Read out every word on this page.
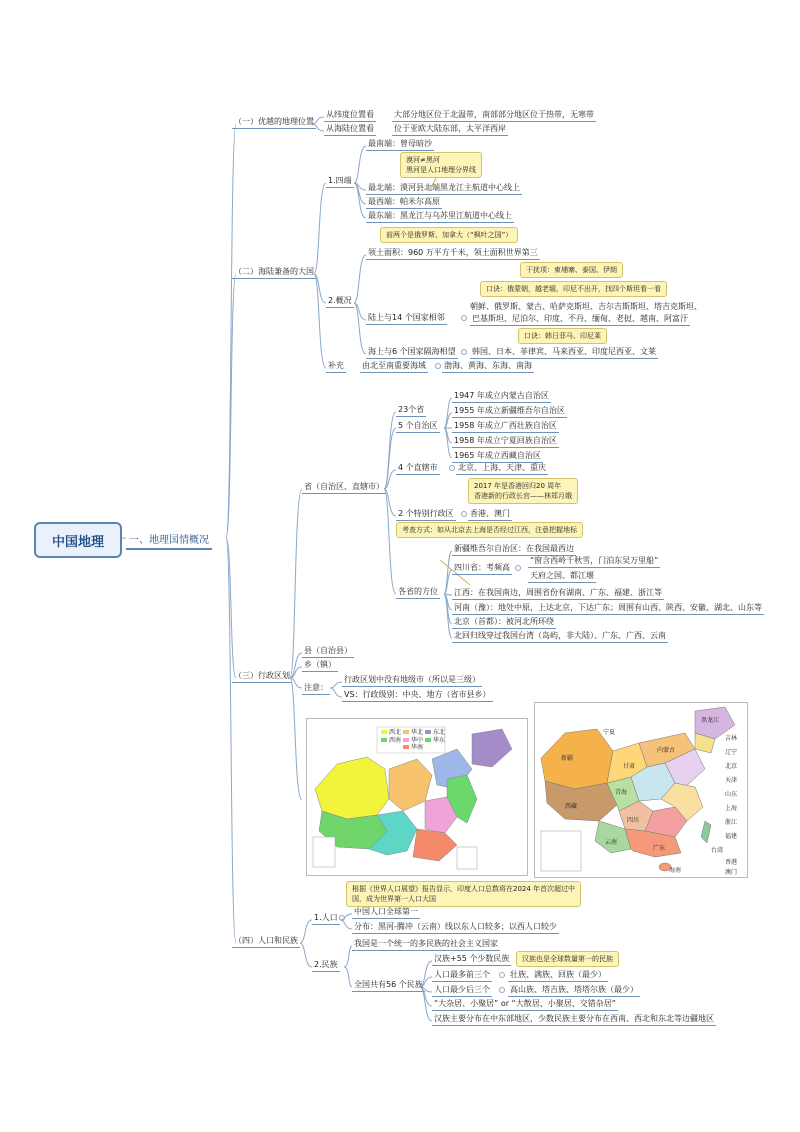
中国地理	一、地理国情概况
（一）优越的地理位置
从纬度位置看	大部分地区位于北温带，南部部分地区位于热带，无寒带
从海陆位置看	位于亚欧大陆东部，太平洋西岸
（二）海陆兼备的大国
1.四端
最南端：曾母暗沙
漠河≠黑河
黑河是人口地理分界线
最北端：漠河县北端黑龙江主航道中心线上
最西端：帕米尔高原
最东端：黑龙江与乌苏里江航道中心线上
前两个是俄罗斯、加拿大（“枫叶之国”）
领土面积：960 万平方千米，领土面积世界第三
2.概况
干扰项：柬埔寨、泰国、伊朗
口诀：俄蒙朝，越老缅，印尼不出开，找四个斯坦看一看
陆上与14 个国家相邻
朝鲜、俄罗斯、蒙古、哈萨克斯坦、吉尔吉斯斯坦、塔吉克斯坦、
巴基斯坦、尼泊尔、印度、不丹、缅甸、老挝、越南、阿富汗
口诀：韩日菲马、印尼莱
海上与6 个国家隔海相望 韩国、日本、菲律宾、马来西亚、印度尼西亚、文莱
补充 由北至南重要海域 渤海、黄海、东海、南海
（三）行政区划
省（自治区、直辖市）
23个省
5 个自治区
1947 年成立内蒙古自治区
1955 年成立新疆维吾尔自治区
1958 年成立广西壮族自治区
1958 年成立宁夏回族自治区
1965 年成立西藏自治区
4 个直辖市	北京、上海、天津、重庆
2017 年是香港回归20 周年
香港新的行政长官——林郑月娥
2 个特别行政区 香港、澳门
考查方式：如从北京去上海是否经过江西，注意把握地标
各省的方位
新疆维吾尔自治区：在我国最西边
四川省：考频高
“窗含西岭千秋雪，门泊东吴万里船”
天府之国、都江堰
江西：在我国南边，周围省份有湖南、广东、福建、浙江等
河南（豫）：地处中原，上达北京，下达广东；周围有山西、陕西、安徽、湖北、山东等
北京（首都）：被河北所环绕
北回归线穿过我国台湾（岛屿，非大陆）、广东、广西、云南
县（自治县）
乡（镇）
注意：
行政区划中没有地级市（所以是三级）
VS：行政级别：中央、地方（省市县乡）
西北 华北 东北
西南 华中 华东
华南
新疆
西藏
青海
甘肃
内蒙古
四川
云南
黑龙江
吉林
辽宁
北京
天津
山东
上海
浙江
福建
广东
海南
台湾
香港
澳门
宁夏
根据《世界人口展望》报告显示，印度人口总数将在2024 年首次超过中
国，成为世界第一人口大国
（四）人口和民族
1.人口
中国人口全球第一
分布：黑河-腾冲（云南）线以东人口较多；以西人口较少
2.民族
我国是一个统一的多民族的社会主义国家
全国共有56 个民族
汉族+55 个少数民族	汉族也是全球数量第一的民族
人口最多前三个	壮族、满族、回族（最少）
人口最少后三个	高山族、塔吉族、塔塔尔族（最少）
“大杂居、小聚居” or “大散居、小聚居、交错杂居”
汉族主要分布在中东部地区，少数民族主要分布在西南、西北和东北等边疆地区
